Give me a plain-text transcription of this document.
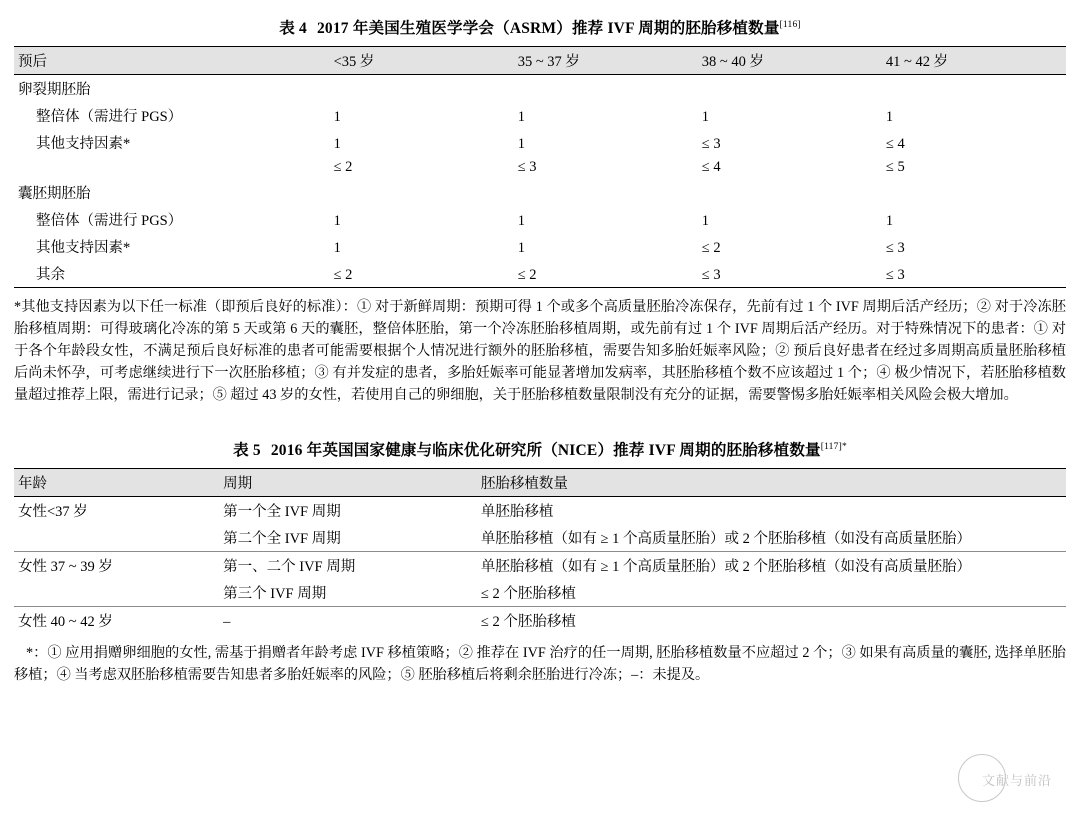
表 4 2017 年美国生殖医学学会（ASRM）推荐 IVF 周期的胚胎移植数量[116]
预后	<35 岁	35 ~ 37 岁	38 ~ 40 岁	41 ~ 42 岁
卵裂期胚胎				
整倍体（需进行 PGS）	1	1	1	1
其他支持因素*	1	1	≤ 3	≤ 4
	≤ 2	≤ 3	≤ 4	≤ 5
囊胚期胚胎				
整倍体（需进行 PGS）	1	1	1	1
其他支持因素*	1	1	≤ 2	≤ 3
其余	≤ 2	≤ 2	≤ 3	≤ 3

*其他支持因素为以下任一标准（即预后良好的标准）：① 对于新鲜周期：预期可得 1 个或多个高质量胚胎冷冻保存，先前有过 1 个 IVF 周期后活产经历；② 对于冷冻胚胎移植周期：可得玻璃化冷冻的第 5 天或第 6 天的囊胚，整倍体胚胎，第一个冷冻胚胎移植周期，或先前有过 1 个 IVF 周期后活产经历。对于特殊情况下的患者：① 对于各个年龄段女性，不满足预后良好标准的患者可能需要根据个人情况进行额外的胚胎移植，需要告知多胎妊娠率风险；② 预后良好患者在经过多周期高质量胚胎移植后尚未怀孕，可考虑继续进行下一次胚胎移植；③ 有并发症的患者，多胎妊娠率可能显著增加发病率，其胚胎移植个数不应该超过 1 个；④ 极少情况下，若胚胎移植数量超过推荐上限，需进行记录；⑤ 超过 43 岁的女性，若使用自己的卵细胞，关于胚胎移植数量限制没有充分的证据，需要警惕多胎妊娠率相关风险会极大增加。

表 5 2016 年英国国家健康与临床优化研究所（NICE）推荐 IVF 周期的胚胎移植数量$^{[117]*}$
年龄	周期	胚胎移植数量
女性<37 岁	第一个全 IVF 周期	单胚胎移植
	第二个全 IVF 周期	单胚胎移植（如有 ≥ 1 个高质量胚胎）或 2 个胚胎移植（如没有高质量胚胎）
女性 37 ~ 39 岁	第一、二个 IVF 周期	单胚胎移植（如有 ≥ 1 个高质量胚胎）或 2 个胚胎移植（如没有高质量胚胎）
	第三个 IVF 周期	≤ 2 个胚胎移植
女性 40 ~ 42 岁	–	≤ 2 个胚胎移植

*：① 应用捐赠卵细胞的女性, 需基于捐赠者年龄考虑 IVF 移植策略；② 推荐在 IVF 治疗的任一周期, 胚胎移植数量不应超过 2 个；③ 如果有高质量的囊胚, 选择单胚胎移植；④ 当考虑双胚胎移植需要告知患者多胎妊娠率的风险；⑤ 胚胎移植后将剩余胚胎进行冷冻；–：未提及。

文献与前沿
